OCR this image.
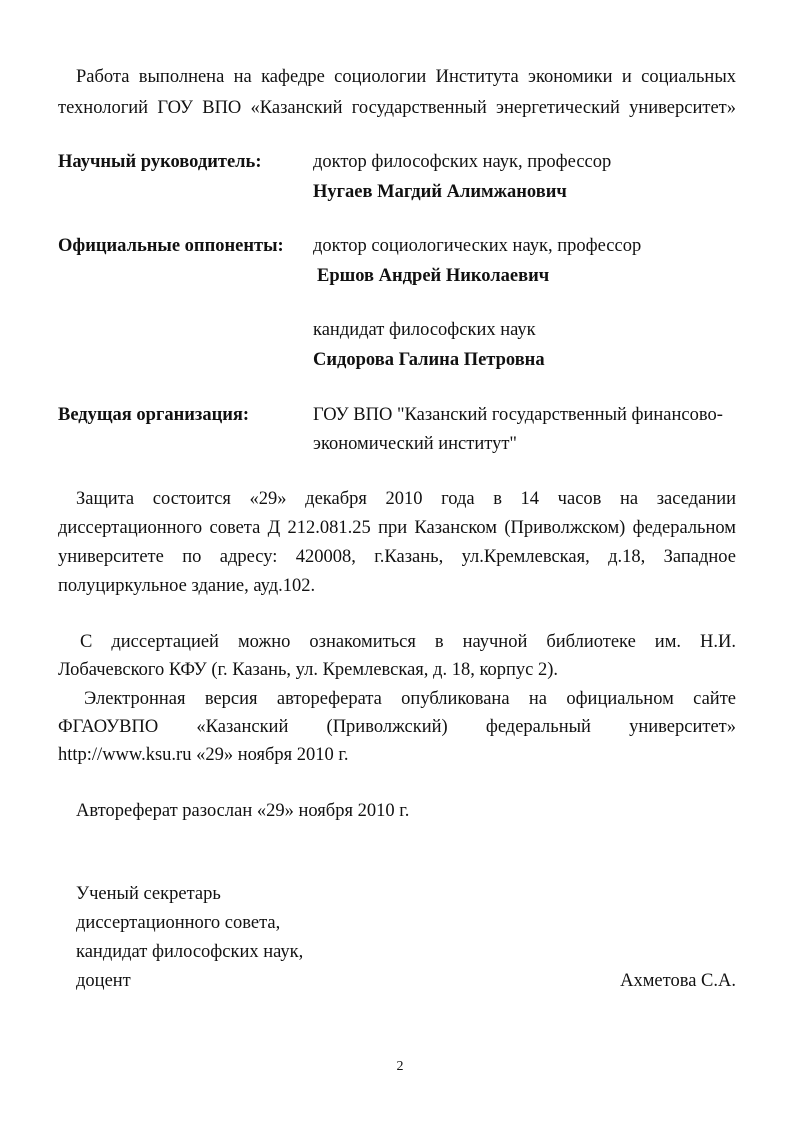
Работа выполнена на кафедре социологии Института экономики и социальных
технологий ГОУ ВПО «Казанский государственный энергетический университет»
Научный руководитель:	доктор философских наук, профессор
Нугаев Магдий Алимжанович
Официальные оппоненты: доктор социологических наук, профессор
Ершов Андрей Николаевич
кандидат философских наук
Сидорова Галина Петровна
Ведущая организация:	ГОУ ВПО "Казанский государственный финансово-
экономический институт"
Защита состоится «29» декабря 2010 года в 14 часов на заседании
диссертационного совета Д 212.081.25 при Казанском (Приволжском) федеральном
университете по адресу: 420008, г.Казань, ул.Кремлевская, д.18, Западное
полуциркульное здание, ауд.102.
С диссертацией можно ознакомиться в научной библиотеке им. Н.И.
Лобачевского КФУ (г. Казань, ул. Кремлевская, д. 18, корпус 2).
Электронная версия автореферата опубликована на официальном сайте
ФГАОУВПО «Казанский (Приволжский) федеральный университет»
http://www.ksu.ru «29» ноября 2010 г.
Автореферат разослан «29» ноября 2010 г.
Ученый секретарь
диссертационного совета,
кандидат философских наук,
доцент	Ахметова С.А.
2
